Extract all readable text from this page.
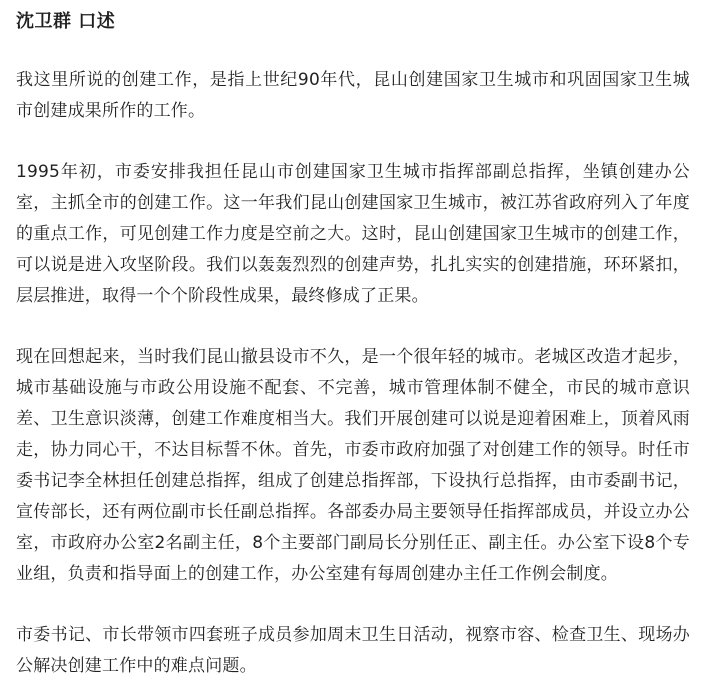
沈卫群 口述

我这里所说的创建工作，是指上世纪90年代，昆山创建国家卫生城市和巩固国家卫生城市创建成果所作的工作。

1995年初，市委安排我担任昆山市创建国家卫生城市指挥部副总指挥，坐镇创建办公室，主抓全市的创建工作。这一年我们昆山创建国家卫生城市，被江苏省政府列入了年度的重点工作，可见创建工作力度是空前之大。这时，昆山创建国家卫生城市的创建工作，可以说是进入攻坚阶段。我们以轰轰烈烈的创建声势，扎扎实实的创建措施，环环紧扣，层层推进，取得一个个阶段性成果，最终修成了正果。

现在回想起来，当时我们昆山撤县设市不久，是一个很年轻的城市。老城区改造才起步，城市基础设施与市政公用设施不配套、不完善，城市管理体制不健全，市民的城市意识差、卫生意识淡薄，创建工作难度相当大。我们开展创建可以说是迎着困难上，顶着风雨走，协力同心干，不达目标誓不休。首先，市委市政府加强了对创建工作的领导。时任市委书记李全林担任创建总指挥，组成了创建总指挥部，下设执行总指挥，由市委副书记，宣传部长，还有两位副市长任副总指挥。各部委办局主要领导任指挥部成员，并设立办公室，市政府办公室2名副主任，8个主要部门副局长分别任正、副主任。办公室下设8个专业组，负责和指导面上的创建工作，办公室建有每周创建办主任工作例会制度。

市委书记、市长带领市四套班子成员参加周末卫生日活动，视察市容、检查卫生、现场办公解决创建工作中的难点问题。
